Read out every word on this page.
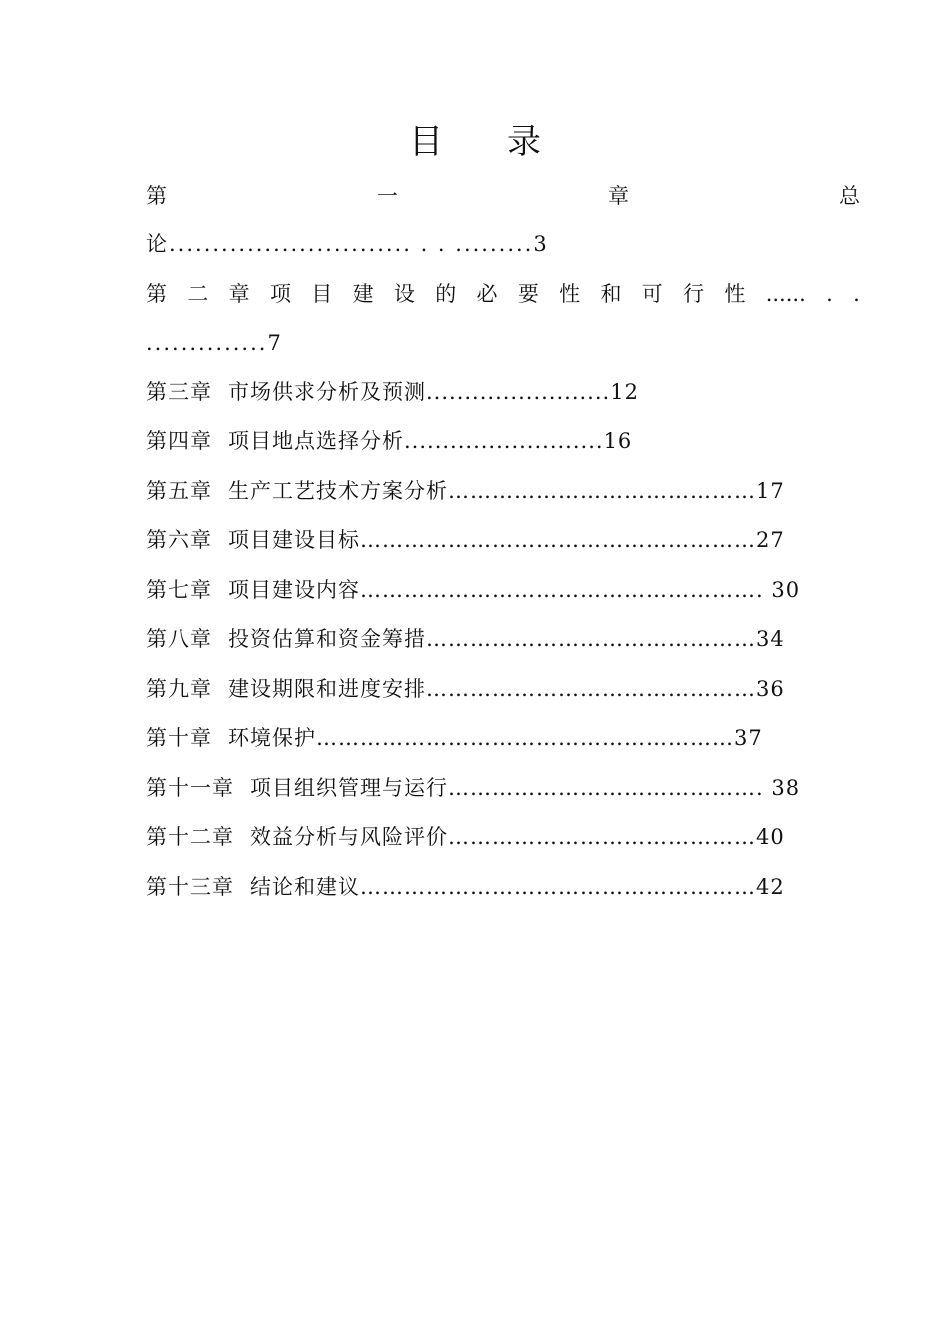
目 录
第	一	章	总
论............................ . . .........3
第 二 章 项 目 建 设 的 必 要 性 和 可 行 性 ...... . .
..............7
第三章 市场供求分析及预测........................12
第四章 项目地点选择分析..........................16
第五章 生产工艺技术方案分析……………………………………17
第六章 项目建设目标………………………………………………27
第七章 项目建设内容………………………………………………. 30
第八章 投资估算和资金筹措………………………………………34
第九章 建设期限和进度安排………………………………………36
第十章 环境保护…………………………………………………37
第十一章 项目组织管理与运行……………………………………. 38
第十二章 效益分析与风险评价……………………………………40
第十三章 结论和建议………………………………………………42
